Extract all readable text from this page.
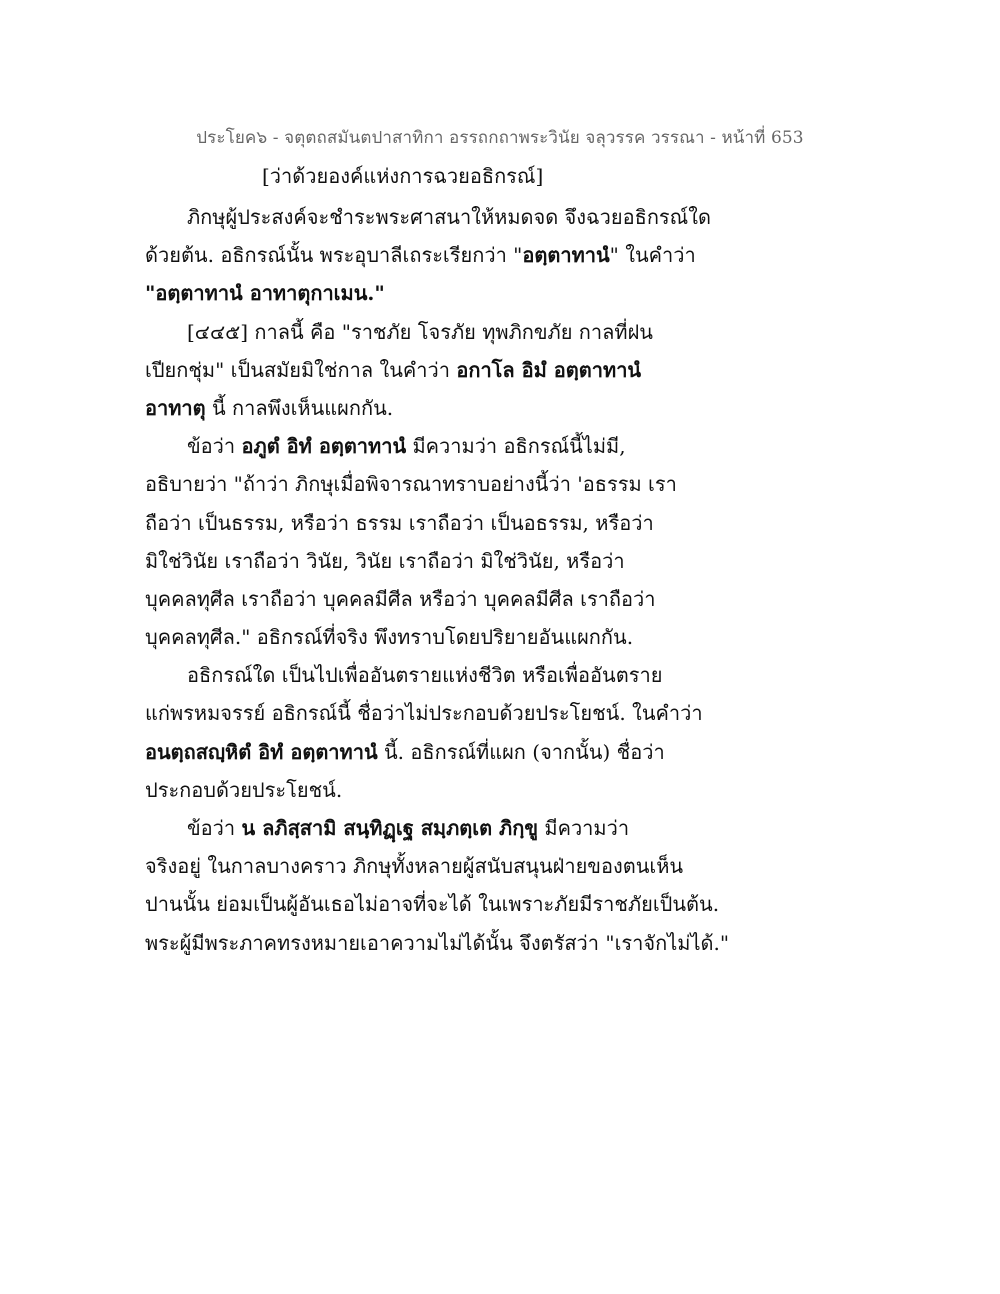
ประโยค๖ - จตุตถสมันตปาสาทิกา อรรถกถาพระวินัย จลุวรรค วรรณา - หน้าที่ 653
[ว่าด้วยองค์แห่งการฉวยอธิกรณ์]
ภิกษุผู้ประสงค์จะชำระพระศาสนาให้หมดจด จึงฉวยอธิกรณ์ใด
ด้วยต้น. อธิกรณ์นั้น พระอุบาลีเถระเรียกว่า "อตฺตาทานํ" ในคำว่า
"อตฺตาทานํ อาทาตุกาเมน."
[๔๔๕] กาลนี้ คือ "ราชภัย โจรภัย ทุพภิกขภัย กาลที่ฝน
เปียกชุ่ม" เป็นสมัยมิใช่กาล ในคำว่า อกาโล อิมํ อตฺตาทานํ
อาทาตุ นี้ กาลพึงเห็นแผกกัน.
ข้อว่า อภูตํ อิทํ อตฺตาทานํ มีความว่า อธิกรณ์นี้ไม่มี,
อธิบายว่า "ถ้าว่า ภิกษุเมื่อพิจารณาทราบอย่างนี้ว่า 'อธรรม เรา
ถือว่า เป็นธรรม, หรือว่า ธรรม เราถือว่า เป็นอธรรม, หรือว่า
มิใช่วินัย เราถือว่า วินัย, วินัย เราถือว่า มิใช่วินัย, หรือว่า
บุคคลทุศีล เราถือว่า บุคคลมีศีล หรือว่า บุคคลมีศีล เราถือว่า
บุคคลทุศีล." อธิกรณ์ที่จริง พึงทราบโดยปริยายอันแผกกัน.
อธิกรณ์ใด เป็นไปเพื่ออันตรายแห่งชีวิต หรือเพื่ออันตราย
แก่พรหมจรรย์ อธิกรณ์นี้ ชื่อว่าไม่ประกอบด้วยประโยชน์. ในคำว่า
อนตฺถสญฺหิตํ อิทํ อตฺตาทานํ นี้. อธิกรณ์ที่แผก (จากนั้น) ชื่อว่า
ประกอบด้วยประโยชน์.
ข้อว่า น ลภิสฺสามิ สนฺทิฏฺเฐ สมฺภตฺเต ภิกฺขู มีความว่า
จริงอยู่ ในกาลบางคราว ภิกษุทั้งหลายผู้สนับสนุนฝ่ายของตนเห็น
ปานนั้น ย่อมเป็นผู้อันเธอไม่อาจที่จะได้ ในเพราะภัยมีราชภัยเป็นต้น.
พระผู้มีพระภาคทรงหมายเอาความไม่ได้นั้น จึงตรัสว่า "เราจักไม่ได้."
